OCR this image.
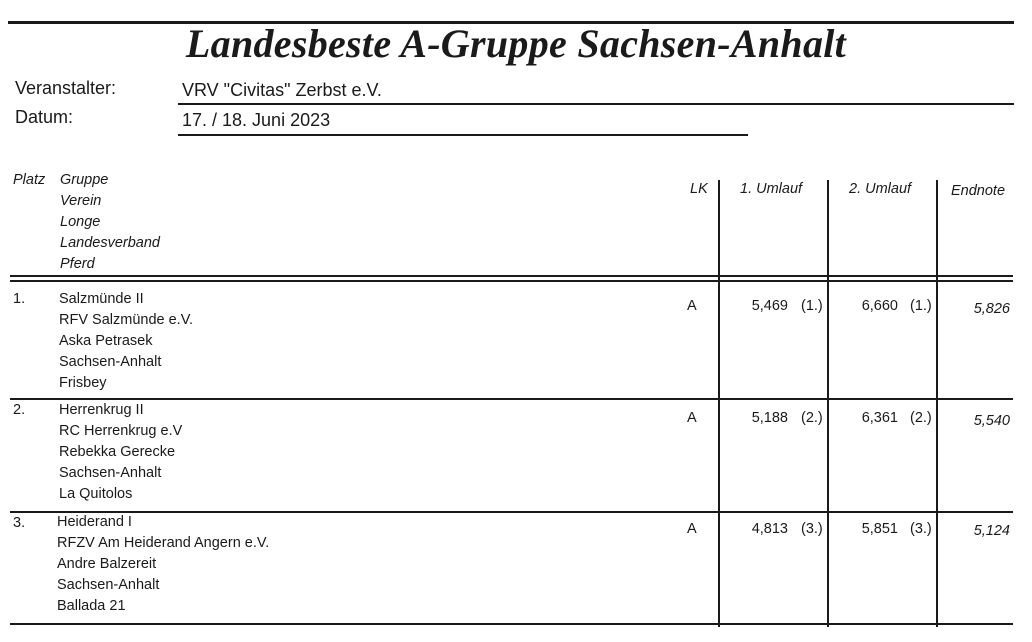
Landesbeste A-Gruppe Sachsen-Anhalt
Veranstalter:	VRV "Civitas" Zerbst e.V.
Datum:	17. / 18. Juni 2023
Platz Gruppe
Verein
Longe
Landesverband
Pferd
LK 1. Umlauf	2. Umlauf	Endnote
1. Salzmünde II
RFV Salzmünde e.V.
Aska Petrasek
Sachsen-Anhalt
Frisbey
A	5,469 (1.)	6,660 (1.)	5,826
2. Herrenkrug II
RC Herrenkrug e.V
Rebekka Gerecke
Sachsen-Anhalt
La Quitolos
A	5,188 (2.)	6,361 (2.)	5,540
3. Heiderand I
RFZV Am Heiderand Angern e.V.
Andre Balzereit
Sachsen-Anhalt
Ballada 21
A	4,813 (3.)	5,851 (3.)	5,124
